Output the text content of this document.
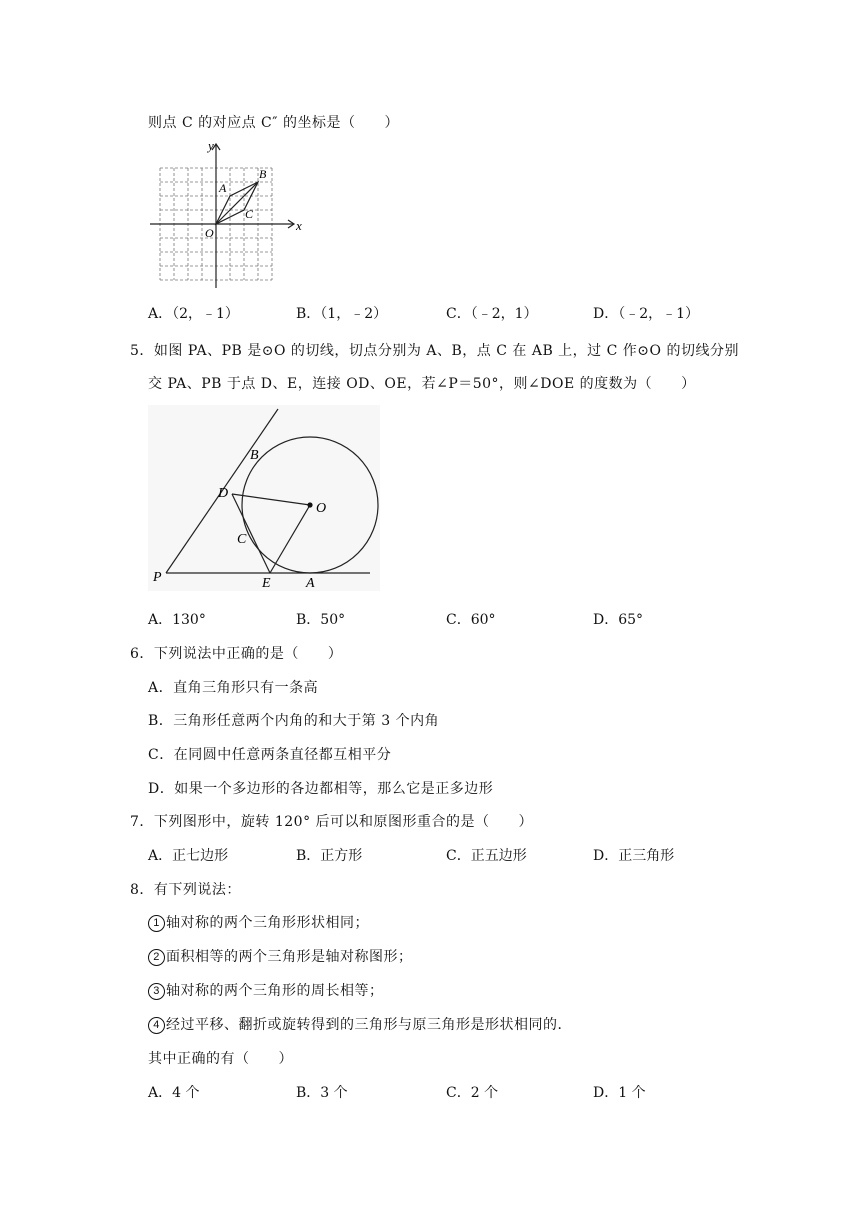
则点 C 的对应点 C″ 的坐标是（　　）
y
x
A
B
C
O
A．（2，﹣1）	B．（1，﹣2）	C．（﹣2，1）	D．（﹣2，﹣1）
5．如图 PA、PB 是⊙O 的切线，切点分别为 A、B，点 C 在 AB 上，过 C 作⊙O 的切线分别
交 PA、PB 于点 D、E，连接 OD、OE，若∠P＝50°，则∠DOE 的度数为（　　）
B
D
O
C
P	E	A
A．130°	B．50°	C．60°	D．65°
6．下列说法中正确的是（　　）
A．直角三角形只有一条高
B．三角形任意两个内角的和大于第 3 个内角
C．在同圆中任意两条直径都互相平分
D．如果一个多边形的各边都相等，那么它是正多边形
7．下列图形中，旋转 120° 后可以和原图形重合的是（　　）
A．正七边形	B．正方形	C．正五边形	D．正三角形
8．有下列说法：
1 轴对称的两个三角形形状相同；
2 面积相等的两个三角形是轴对称图形；
3 轴对称的两个三角形的周长相等；
4 经过平移、翻折或旋转得到的三角形与原三角形是形状相同的．
其中正确的有（　　）
A．4 个	B．3 个	C．2 个	D．1 个
